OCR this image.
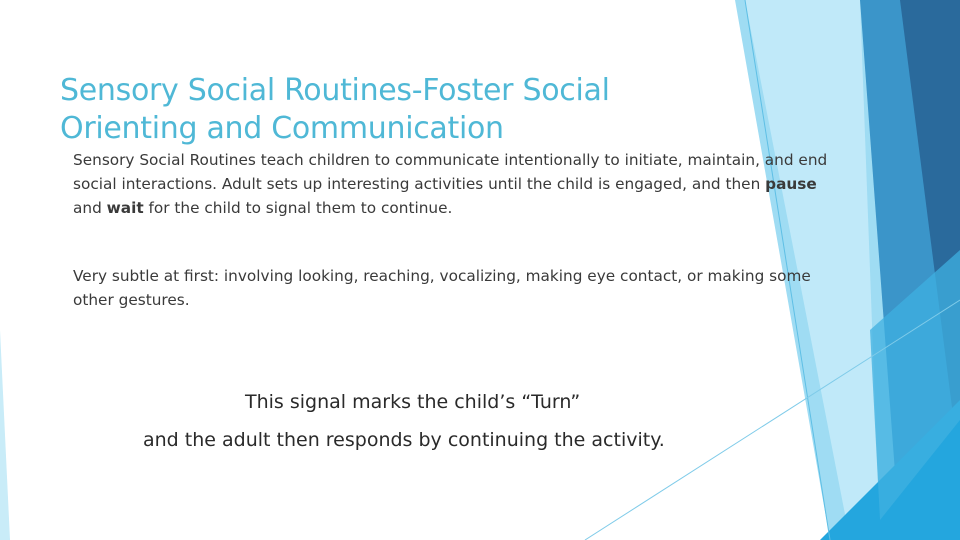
Sensory Social Routines-Foster Social
Orienting and Communication
Sensory Social Routines teach children to communicate intentionally to initiate, maintain, and end social interactions. Adult sets up interesting activities until the child is engaged, and then pause and wait for the child to signal them to continue.
Very subtle at first: involving looking, reaching, vocalizing, making eye contact, or making some other gestures.
This signal marks the child’s “Turn”
and the adult then responds by continuing the activity.
